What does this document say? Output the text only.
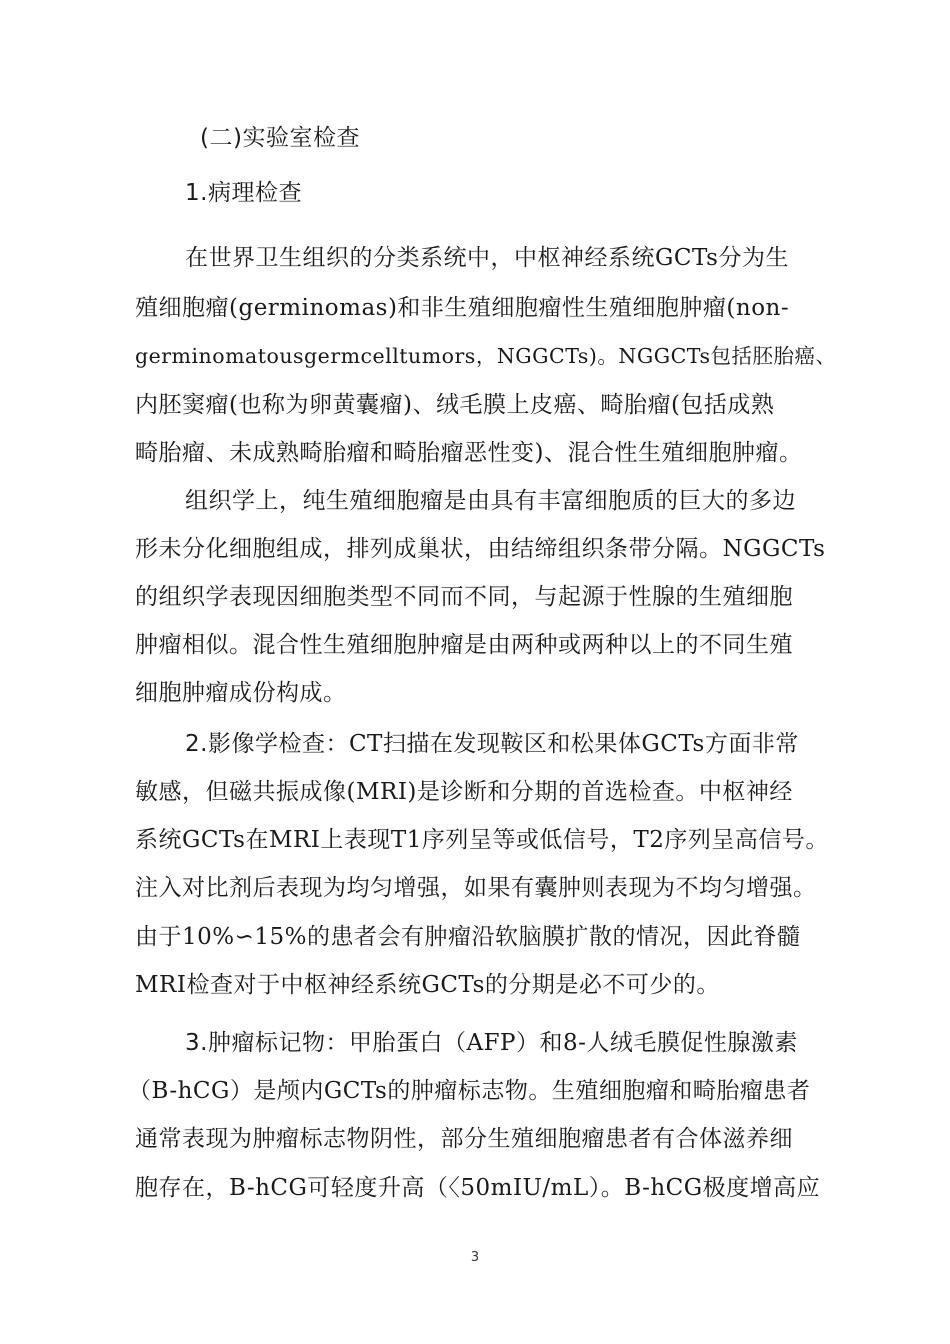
(二)实验室检查

1.病理检查

在世界卫生组织的分类系统中，中枢神经系统GCTs分为生

殖细胞瘤(germinomas)和非生殖细胞瘤性生殖细胞肿瘤(non-

germinomatousgermcelltumors，NGGCTs)。NGGCTs包括胚胎癌、

内胚窦瘤(也称为卵黄囊瘤)、绒毛膜上皮癌、畸胎瘤(包括成熟

畸胎瘤、未成熟畸胎瘤和畸胎瘤恶性变)、混合性生殖细胞肿瘤。

组织学上，纯生殖细胞瘤是由具有丰富细胞质的巨大的多边

形未分化细胞组成，排列成巢状，由结缔组织条带分隔。NGGCTs

的组织学表现因细胞类型不同而不同，与起源于性腺的生殖细胞

肿瘤相似。混合性生殖细胞肿瘤是由两种或两种以上的不同生殖

细胞肿瘤成份构成。

2.影像学检查：CT扫描在发现鞍区和松果体GCTs方面非常

敏感，但磁共振成像(MRI)是诊断和分期的首选检查。中枢神经

系统GCTs在MRI上表现T1序列呈等或低信号，T2序列呈高信号。

注入对比剂后表现为均匀增强，如果有囊肿则表现为不均匀增强。

由于10%∽15%的患者会有肿瘤沿软脑膜扩散的情况，因此脊髓

MRI检查对于中枢神经系统GCTs的分期是必不可少的。

3.肿瘤标记物：甲胎蛋白（AFP）和8-人绒毛膜促性腺激素

（B-hCG）是颅内GCTs的肿瘤标志物。生殖细胞瘤和畸胎瘤患者

通常表现为肿瘤标志物阴性，部分生殖细胞瘤患者有合体滋养细

胞存在，B-hCG可轻度升高（〈50mIU/mL）。B-hCG极度增高应

3
